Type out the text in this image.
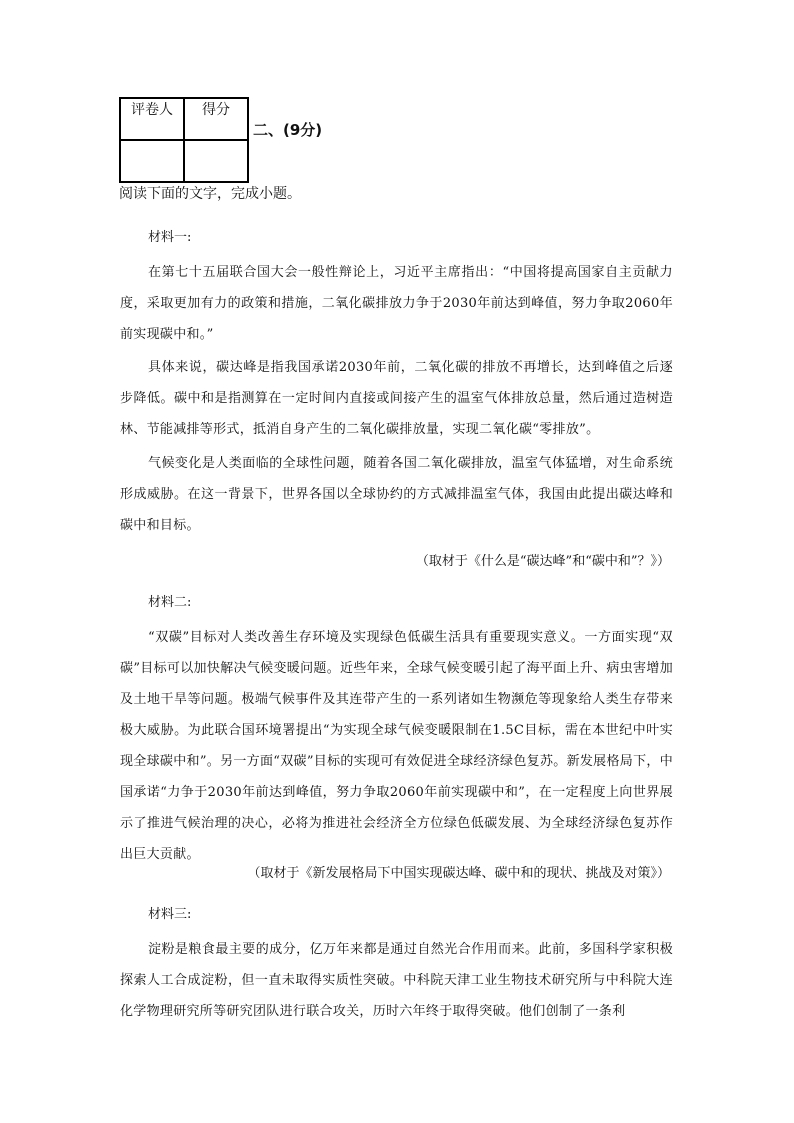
评卷人	得分

二、(9分)
阅读下面的文字，完成小题。
材料一:

在第七十五届联合国大会一般性辩论上，习近平主席指出：“中国将提高国家自主贡献力度，采取更加有力的政策和措施，二氧化碳排放力争于2030年前达到峰值，努力争取2060年前实现碳中和。”

具体来说，碳达峰是指我国承诺2030年前，二氧化碳的排放不再增长，达到峰值之后逐步降低。碳中和是指测算在一定时间内直接或间接产生的温室气体排放总量，然后通过造树造林、节能减排等形式，抵消自身产生的二氧化碳排放量，实现二氧化碳“零排放”。

气候变化是人类面临的全球性问题，随着各国二氧化碳排放，温室气体猛增，对生命系统形成威胁。在这一背景下，世界各国以全球协约的方式减排温室气体，我国由此提出碳达峰和碳中和目标。

（取材于《什么是“碳达峰”和“碳中和”？》）
材料二:

“双碳”目标对人类改善生存环境及实现绿色低碳生活具有重要现实意义。一方面实现“双碳”目标可以加快解决气候变暖问题。近些年来，全球气候变暖引起了海平面上升、病虫害增加及土地干旱等问题。极端气候事件及其连带产生的一系列诸如生物濒危等现象给人类生存带来极大威胁。为此联合国环境署提出“为实现全球气候变暖限制在1.5C目标，需在本世纪中叶实现全球碳中和”。另一方面“双碳”目标的实现可有效促进全球经济绿色复苏。新发展格局下，中国承诺“力争于2030年前达到峰值，努力争取2060年前实现碳中和”，在一定程度上向世界展示了推进气候治理的决心，必将为推进社会经济全方位绿色低碳发展、为全球经济绿色复苏作出巨大贡献。

（取材于《新发展格局下中国实现碳达峰、碳中和的现状、挑战及对策》）
材料三:

淀粉是粮食最主要的成分，亿万年来都是通过自然光合作用而来。此前，多国科学家积极探索人工合成淀粉，但一直未取得实质性突破。中科院天津工业生物技术研究所与中科院大连化学物理研究所等研究团队进行联合攻关，历时六年终于取得突破。他们创制了一条利
